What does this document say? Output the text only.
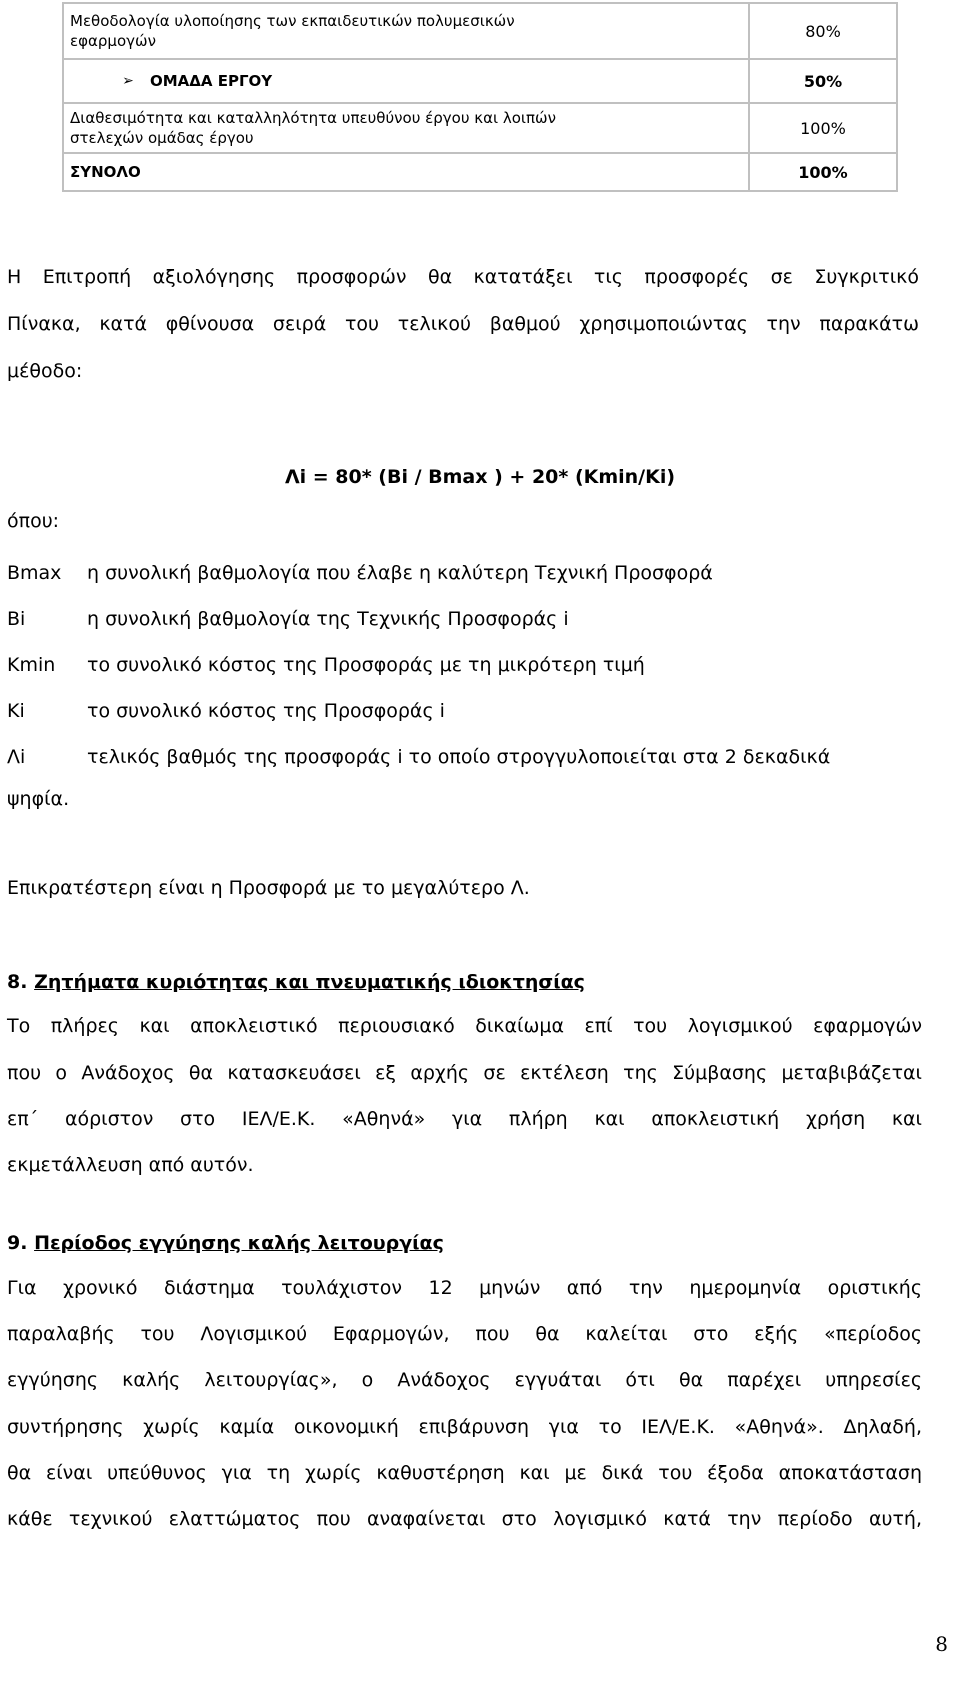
Μεθοδολογία υλοποίησης των εκπαιδευτικών πολυμεσικών
εφαρμογών	80%

➢ ΟΜΑΔΑ ΕΡΓΟΥ	50%

Διαθεσιμότητα και καταλληλότητα υπευθύνου έργου και λοιπών
στελεχών ομάδας έργου	100%
ΣΥΝΟΛΟ	100%
Η Επιτροπή αξιολόγησης προσφορών θα κατατάξει τις προσφορές σε Συγκριτικό
Πίνακα, κατά φθίνουσα σειρά του τελικού βαθμού χρησιμοποιώντας την παρακάτω
μέθοδο:
Λi = 80* (Bi / Bmax ) + 20* (Kmin/Ki)
όπου:
Bmax η συνολική βαθμολογία που έλαβε η καλύτερη Τεχνική Προσφορά
Bi	η συνολική βαθμολογία της Τεχνικής Προσφοράς i
Kmin το συνολικό κόστος της Προσφοράς με τη μικρότερη τιμή
Ki	το συνολικό κόστος της Προσφοράς i
Λi	τελικός βαθμός της προσφοράς i το οποίο στρογγυλοποιείται στα 2 δεκαδικά
ψηφία.
Επικρατέστερη είναι η Προσφορά με το μεγαλύτερο Λ.
8. Ζητήματα κυριότητας και πνευματικής ιδιοκτησίας
Το πλήρες και αποκλειστικό περιουσιακό δικαίωμα επί του λογισμικού εφαρμογών
που ο Ανάδοχος θα κατασκευάσει εξ αρχής σε εκτέλεση της Σύμβασης μεταβιβάζεται
επ΄ αόριστον στο ΙΕΛ/Ε.Κ. «Αθηνά» για πλήρη και αποκλειστική χρήση και
εκμετάλλευση από αυτόν.
9. Περίοδος εγγύησης καλής λειτουργίας
Για χρονικό διάστημα τουλάχιστον 12 μηνών από την ημερομηνία οριστικής
παραλαβής του Λογισμικού Εφαρμογών, που θα καλείται στο εξής «περίοδος
εγγύησης καλής λειτουργίας», ο Ανάδοχος εγγυάται ότι θα παρέχει υπηρεσίες
συντήρησης χωρίς καμία οικονομική επιβάρυνση για το ΙΕΛ/Ε.Κ. «Αθηνά». Δηλαδή,
θα είναι υπεύθυνος για τη χωρίς καθυστέρηση και με δικά του έξοδα αποκατάσταση
κάθε τεχνικού ελαττώματος που αναφαίνεται στο λογισμικό κατά την περίοδο αυτή,
8
